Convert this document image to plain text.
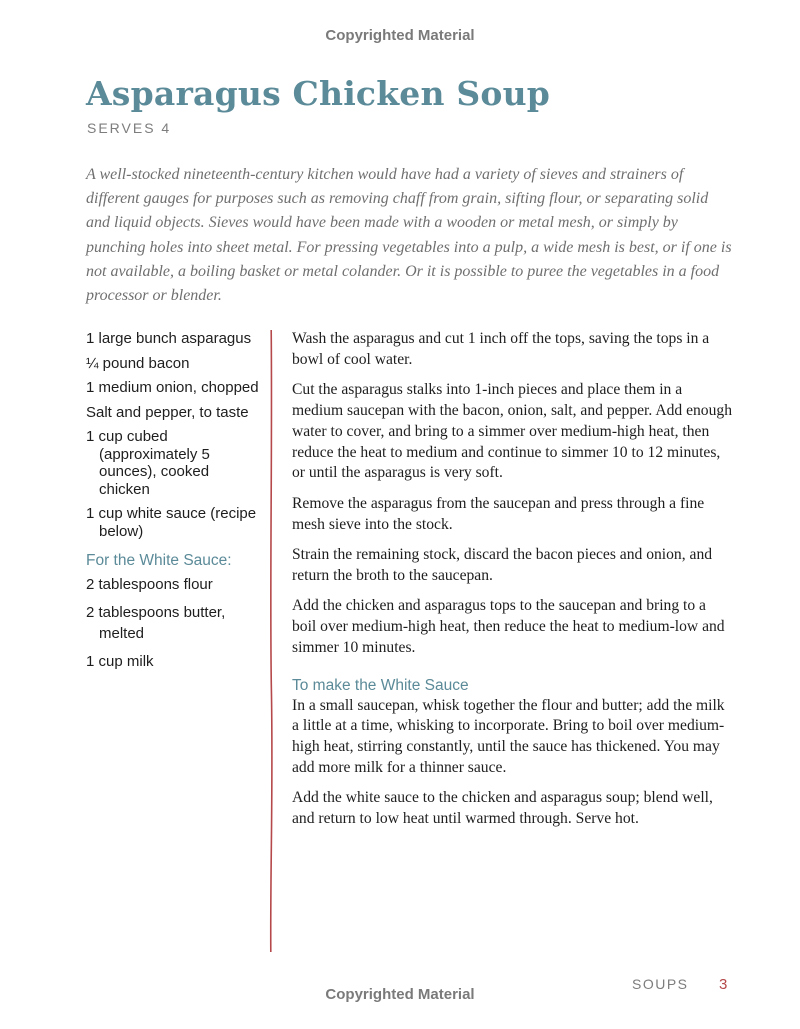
Copyrighted Material
Asparagus Chicken Soup
SERVES 4

A well-stocked nineteenth-century kitchen would have had a variety of sieves and strainers of different gauges for purposes such as removing chaff from grain, sifting flour, or separating solid and liquid objects. Sieves would have been made with a wooden or metal mesh, or simply by punching holes into sheet metal. For pressing vegetables into a pulp, a wide mesh is best, or if one is not available, a boiling basket or metal colander. Or it is possible to puree the vegetables in a food processor or blender.

1 large bunch asparagus
¼ pound bacon
1 medium onion, chopped
Salt and pepper, to taste
1 cup cubed (approximately 5 ounces), cooked chicken
1 cup white sauce (recipe below)
For the White Sauce:
2 tablespoons flour
2 tablespoons butter, melted
1 cup milk

Wash the asparagus and cut 1 inch off the tops, saving the tops in a bowl of cool water.

Cut the asparagus stalks into 1-inch pieces and place them in a medium saucepan with the bacon, onion, salt, and pepper. Add enough water to cover, and bring to a simmer over medium-high heat, then reduce the heat to medium and continue to simmer 10 to 12 minutes, or until the asparagus is very soft.

Remove the asparagus from the saucepan and press through a fine mesh sieve into the stock.

Strain the remaining stock, discard the bacon pieces and onion, and return the broth to the saucepan.

Add the chicken and asparagus tops to the saucepan and bring to a boil over medium-high heat, then reduce the heat to medium-low and simmer 10 minutes.

To make the White Sauce

In a small saucepan, whisk together the flour and butter; add the milk a little at a time, whisking to incorporate. Bring to boil over medium-high heat, stirring constantly, until the sauce has thickened. You may add more milk for a thinner sauce.

Add the white sauce to the chicken and asparagus soup; blend well, and return to low heat until warmed through. Serve hot.

SOUPS 3
Copyrighted Material
